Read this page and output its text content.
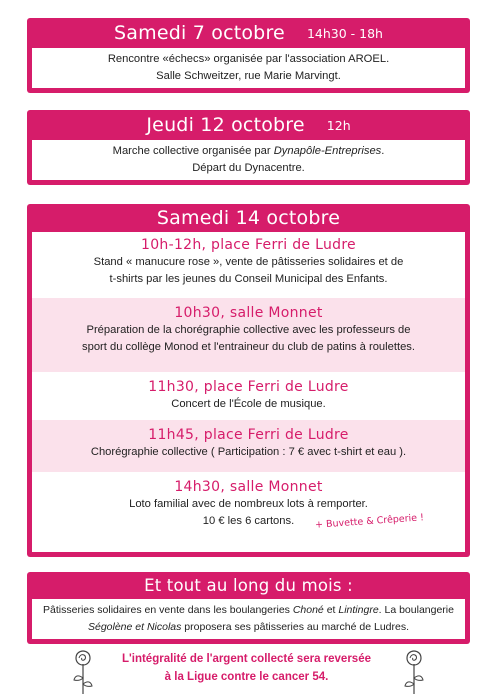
Samedi 7 octobre 14h30 - 18h
Rencontre «échecs» organisée par l'association AROEL.
Salle Schweitzer, rue Marie Marvingt.
Jeudi 12 octobre 12h
Marche collective organisée par Dynapôle-Entreprises.
Départ du Dynacentre.
Samedi 14 octobre
10h-12h, place Ferri de Ludre
Stand « manucure rose », vente de pâtisseries solidaires et de
t-shirts par les jeunes du Conseil Municipal des Enfants.
10h30, salle Monnet
Préparation de la chorégraphie collective avec les professeurs de
sport du collège Monod et l'entraineur du club de patins à roulettes.
11h30, place Ferri de Ludre
Concert de l'École de musique.
11h45, place Ferri de Ludre
Chorégraphie collective ( Participation : 7 € avec t-shirt et eau ).
14h30, salle Monnet
Loto familial avec de nombreux lots à remporter.
10 € les 6 cartons.	+ Buvette & Crêperie !
Et tout au long du mois :
Pâtisseries solidaires en vente dans les boulangeries Choné et Lintingre. La boulangerie Ségolène et Nicolas proposera ses pâtisseries au marché de Ludres.
L'intégralité de l'argent collecté sera reversée
à la Ligue contre le cancer 54.
